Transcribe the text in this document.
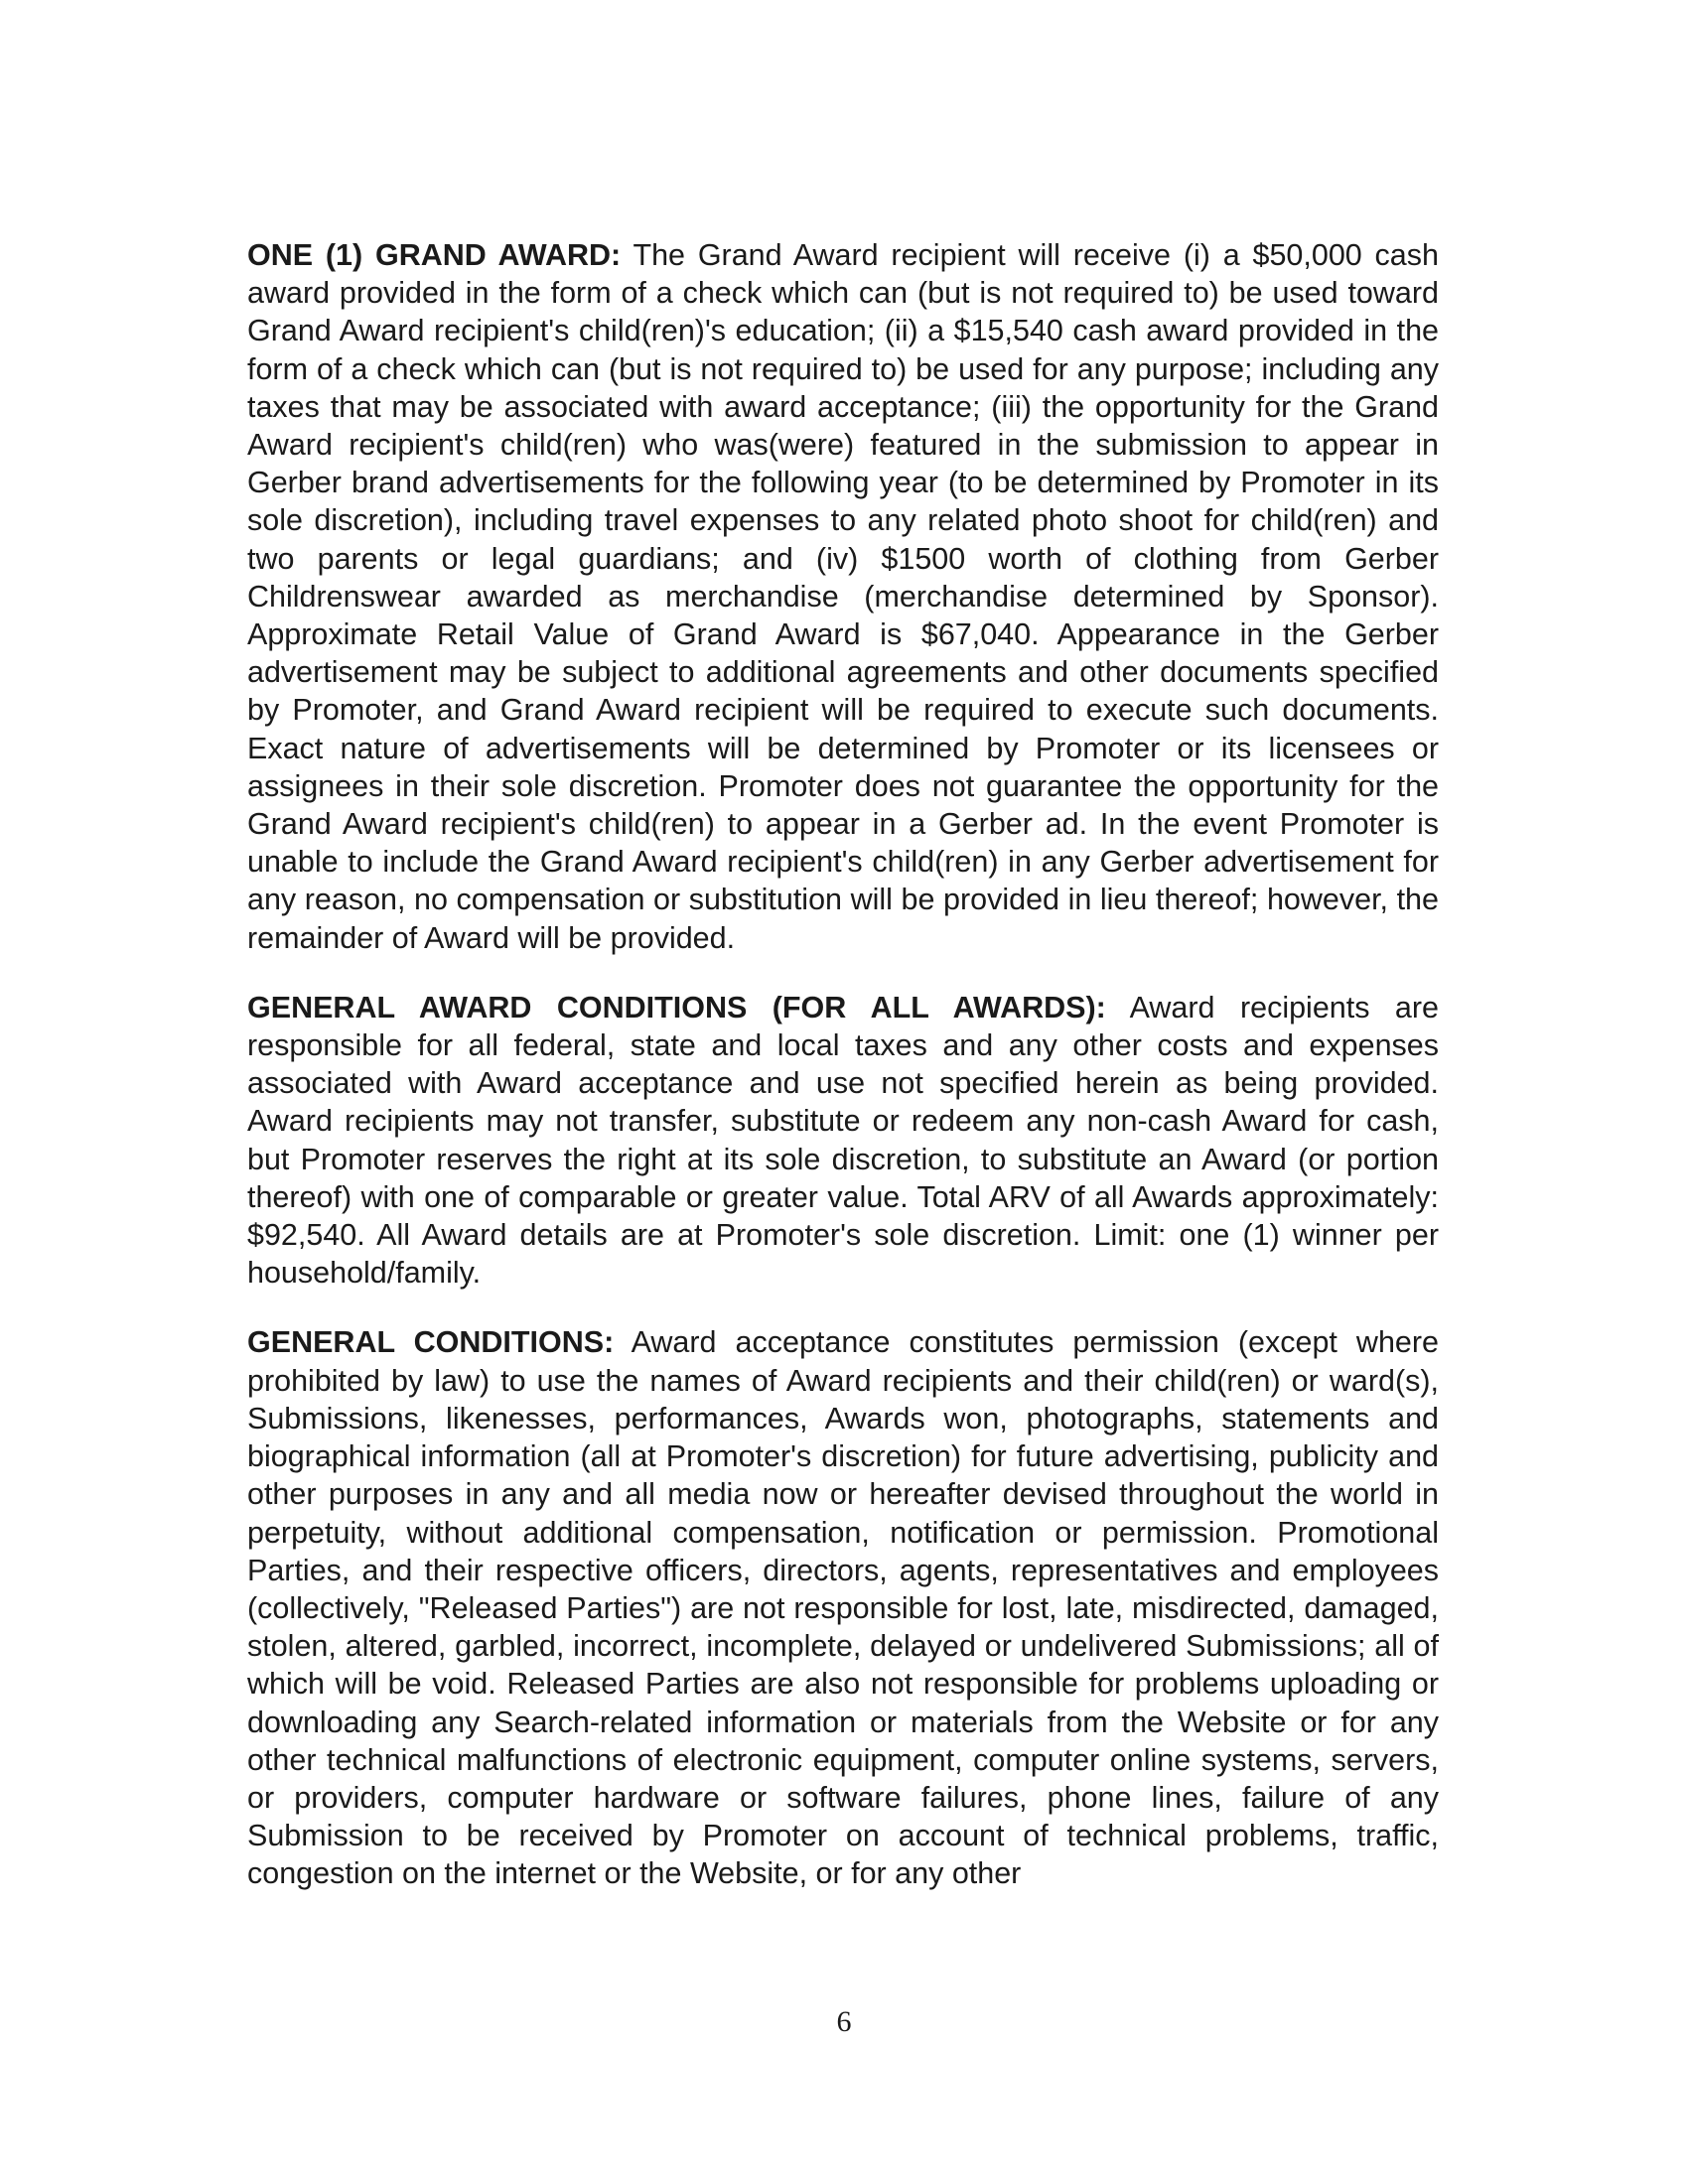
ONE (1) GRAND AWARD: The Grand Award recipient will receive (i) a $50,000 cash award provided in the form of a check which can (but is not required to) be used toward Grand Award recipient's child(ren)'s education; (ii) a $15,540 cash award provided in the form of a check which can (but is not required to) be used for any purpose; including any taxes that may be associated with award acceptance; (iii) the opportunity for the Grand Award recipient's child(ren) who was(were) featured in the submission to appear in Gerber brand advertisements for the following year (to be determined by Promoter in its sole discretion), including travel expenses to any related photo shoot for child(ren) and two parents or legal guardians; and (iv) $1500 worth of clothing from Gerber Childrenswear awarded as merchandise (merchandise determined by Sponsor). Approximate Retail Value of Grand Award is $67,040. Appearance in the Gerber advertisement may be subject to additional agreements and other documents specified by Promoter, and Grand Award recipient will be required to execute such documents. Exact nature of advertisements will be determined by Promoter or its licensees or assignees in their sole discretion. Promoter does not guarantee the opportunity for the Grand Award recipient's child(ren) to appear in a Gerber ad. In the event Promoter is unable to include the Grand Award recipient's child(ren) in any Gerber advertisement for any reason, no compensation or substitution will be provided in lieu thereof; however, the remainder of Award will be provided.

GENERAL AWARD CONDITIONS (FOR ALL AWARDS): Award recipients are responsible for all federal, state and local taxes and any other costs and expenses associated with Award acceptance and use not specified herein as being provided. Award recipients may not transfer, substitute or redeem any non-cash Award for cash, but Promoter reserves the right at its sole discretion, to substitute an Award (or portion thereof) with one of comparable or greater value. Total ARV of all Awards approximately: $92,540. All Award details are at Promoter's sole discretion. Limit: one (1) winner per household/family.

GENERAL CONDITIONS: Award acceptance constitutes permission (except where prohibited by law) to use the names of Award recipients and their child(ren) or ward(s), Submissions, likenesses, performances, Awards won, photographs, statements and biographical information (all at Promoter's discretion) for future advertising, publicity and other purposes in any and all media now or hereafter devised throughout the world in perpetuity, without additional compensation, notification or permission. Promotional Parties, and their respective officers, directors, agents, representatives and employees (collectively, "Released Parties") are not responsible for lost, late, misdirected, damaged, stolen, altered, garbled, incorrect, incomplete, delayed or undelivered Submissions; all of which will be void. Released Parties are also not responsible for problems uploading or downloading any Search-related information or materials from the Website or for any other technical malfunctions of electronic equipment, computer online systems, servers, or providers, computer hardware or software failures, phone lines, failure of any Submission to be received by Promoter on account of technical problems, traffic, congestion on the internet or the Website, or for any other

6
